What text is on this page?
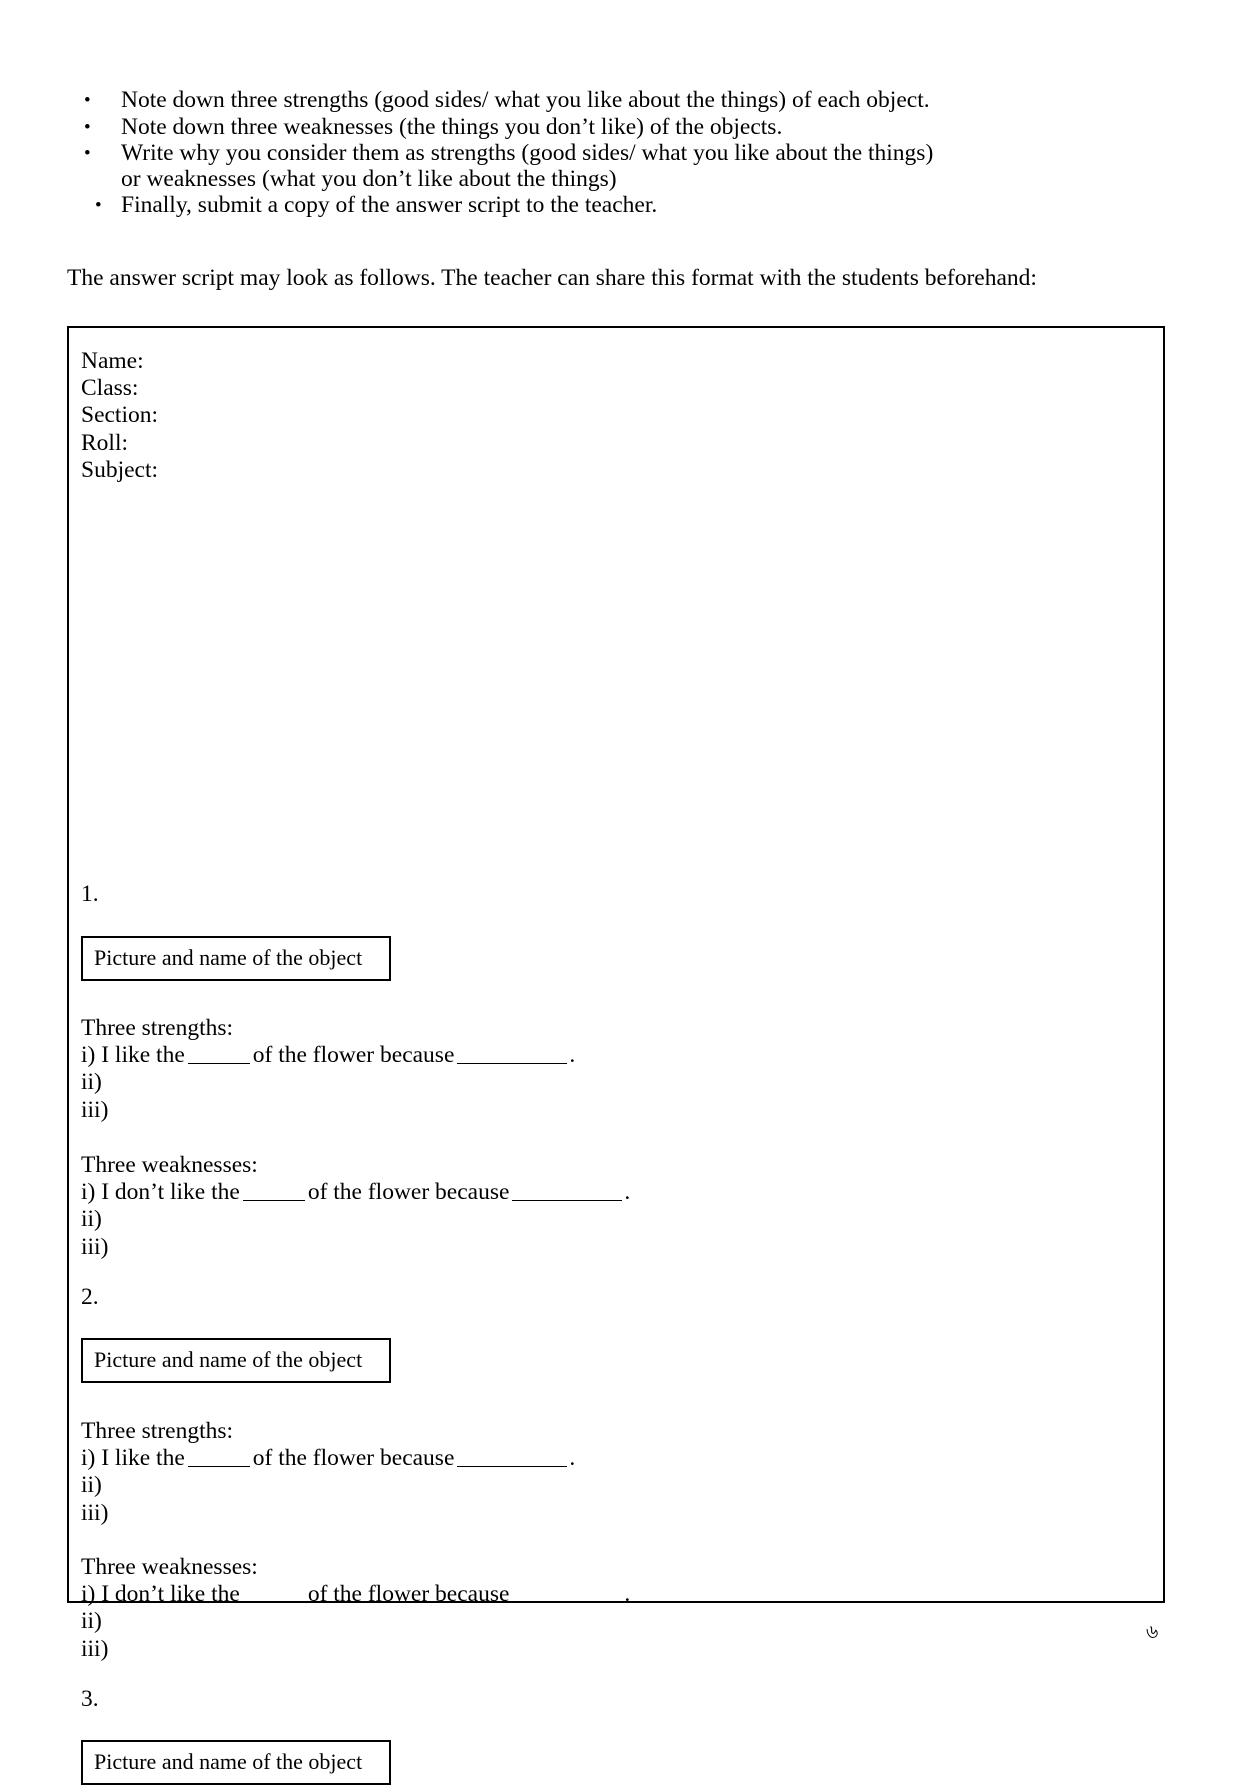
•	Note down three strengths (good sides/ what you like about the things) of each object.
•	Note down three weaknesses (the things you don’t like) of the objects.
•	Write why you consider them as strengths (good sides/ what you like about the things)
or weaknesses (what you don’t like about the things)
• Finally, submit a copy of the answer script to the teacher.
The answer script may look as follows. The teacher can share this format with the students beforehand:
Name:
Class:
Section:
Roll:
Subject:
1.
Picture and name of the object
Three strengths:
i) I like the	of the flower because	.
ii)
iii)
Three weaknesses:
i) I don’t like the	of the flower because	.
ii)
iii)
2.
Picture and name of the object
Three strengths:
i) I like the	of the flower because	.
ii)
iii)
Three weaknesses:
i) I don’t like the	of the flower because	.
ii)
iii)
3.
Picture and name of the object
৬
